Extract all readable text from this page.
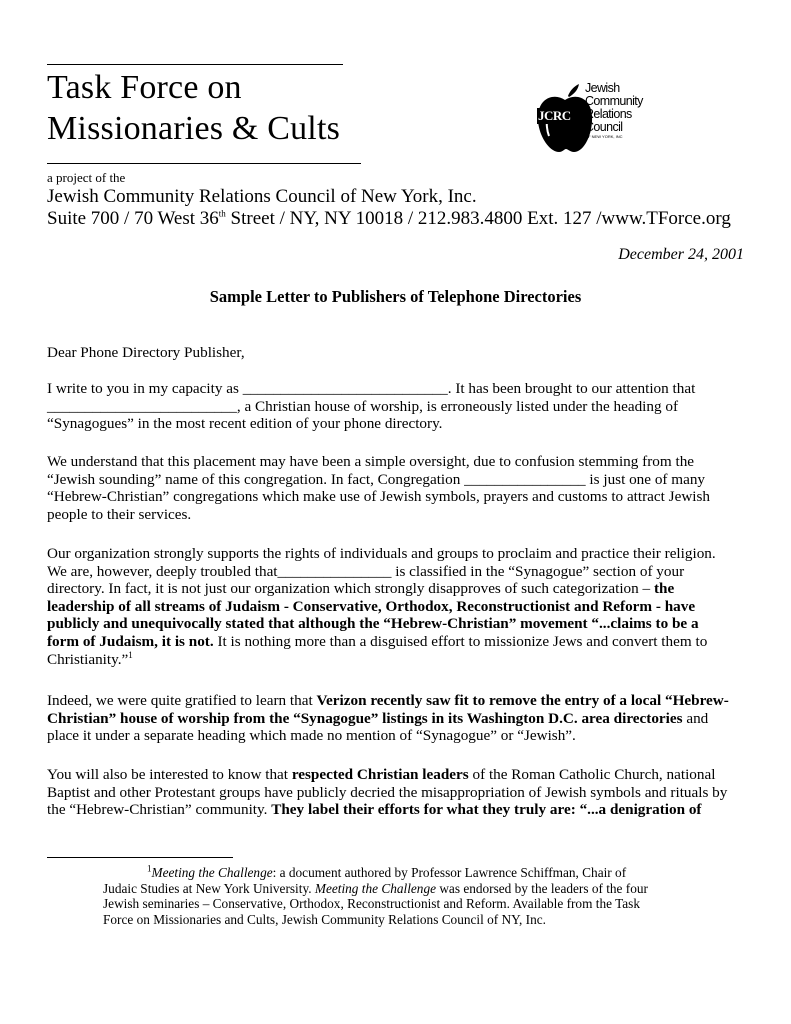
Task Force on
Missionaries & Cults
a project of the
Jewish Community Relations Council of New York, Inc.
Suite 700 / 70 West 36th Street / NY, NY 10018 / 212.983.4800 Ext. 127 /www.TForce.org
JCRC
Jewish
Community
Relations
Council
OF NEW YORK, INC
December 24, 2001
Sample Letter to Publishers of Telephone Directories
Dear Phone Directory Publisher,
I write to you in my capacity as ___________________________. It has been brought to our attention that
_________________________, a Christian house of worship, is erroneously listed under the heading of
“Synagogues” in the most recent edition of your phone directory.
We understand that this placement may have been a simple oversight, due to confusion stemming from the
“Jewish sounding” name of this congregation. In fact, Congregation ________________ is just one of many
“Hebrew-Christian” congregations which make use of Jewish symbols, prayers and customs to attract Jewish
people to their services.
Our organization strongly supports the rights of individuals and groups to proclaim and practice their religion.
We are, however, deeply troubled that_______________ is classified in the “Synagogue” section of your
directory. In fact, it is not just our organization which strongly disapproves of such categorization – the
leadership of all streams of Judaism - Conservative, Orthodox, Reconstructionist and Reform - have
publicly and unequivocally stated that although the “Hebrew-Christian” movement “...claims to be a
form of Judaism, it is not. It is nothing more than a disguised effort to missionize Jews and convert them to
Christianity.”$^1$
Indeed, we were quite gratified to learn that Verizon recently saw fit to remove the entry of a local “Hebrew-
Christian” house of worship from the “Synagogue” listings in its Washington D.C. area directories and
place it under a separate heading which made no mention of “Synagogue” or “Jewish”.
You will also be interested to know that respected Christian leaders of the Roman Catholic Church, national
Baptist and other Protestant groups have publicly decried the misappropriation of Jewish symbols and rituals by
the “Hebrew-Christian” community. They label their efforts for what they truly are: “...a denigration of
$^1$Meeting the Challenge: a document authored by Professor Lawrence Schiffman, Chair of
Judaic Studies at New York University. Meeting the Challenge was endorsed by the leaders of the four
Jewish seminaries – Conservative, Orthodox, Reconstructionist and Reform. Available from the Task
Force on Missionaries and Cults, Jewish Community Relations Council of NY, Inc.
